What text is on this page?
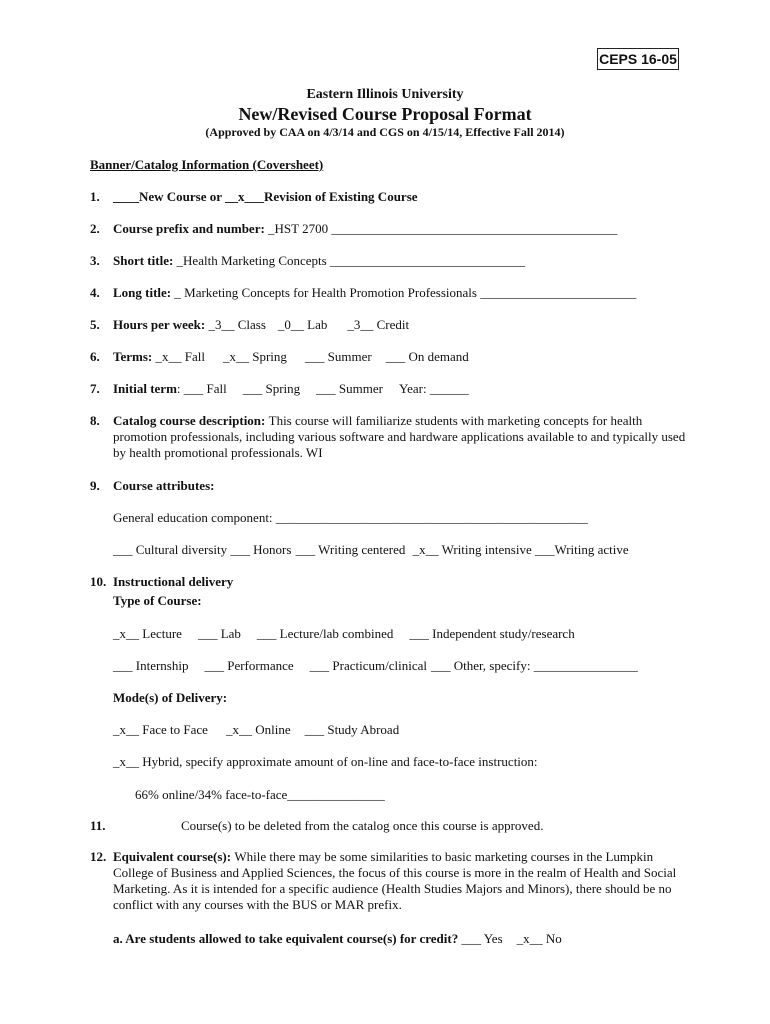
CEPS 16-05
Eastern Illinois University
New/Revised Course Proposal Format
(Approved by CAA on 4/3/14 and CGS on 4/15/14, Effective Fall 2014)
Banner/Catalog Information (Coversheet)
1. ____New Course or __x___Revision of Existing Course
2. Course prefix and number: _HST 2700 ____________________________________________
3. Short title: _Health Marketing Concepts ______________________________
4. Long title: _ Marketing Concepts for Health Promotion Professionals ________________________
5. Hours per week: _3__ Class _0__ Lab _3__ Credit
6. Terms: _x__ Fall _x__ Spring ___ Summer ___ On demand
7. Initial term: ___ Fall ___ Spring ___ Summer Year: ______
8.	Catalog course description: This course will familiarize students with marketing concepts for health promotion professionals, including various software and hardware applications available to and typically used by health promotional professionals. WI
9. Course attributes:
General education component: ________________________________________________
___ Cultural diversity ___ Honors ___ Writing centered _x__ Writing intensive ___Writing active
10. Instructional delivery
Type of Course:
_x__ Lecture ___ Lab ___ Lecture/lab combined ___ Independent study/research
___ Internship ___ Performance ___ Practicum/clinical ___ Other, specify: ________________
Mode(s) of Delivery:
_x__ Face to Face _x__ Online ___ Study Abroad
_x__ Hybrid, specify approximate amount of on-line and face-to-face instruction:
66% online/34% face-to-face_______________
11.	Course(s) to be deleted from the catalog once this course is approved.
12. Equivalent course(s): While there may be some similarities to basic marketing courses in the Lumpkin College of Business and Applied Sciences, the focus of this course is more in the realm of Health and Social Marketing. As it is intended for a specific audience (Health Studies Majors and Minors), there should be no conflict with any courses with the BUS or MAR prefix.
a. Are students allowed to take equivalent course(s) for credit? ___ Yes _x__ No
